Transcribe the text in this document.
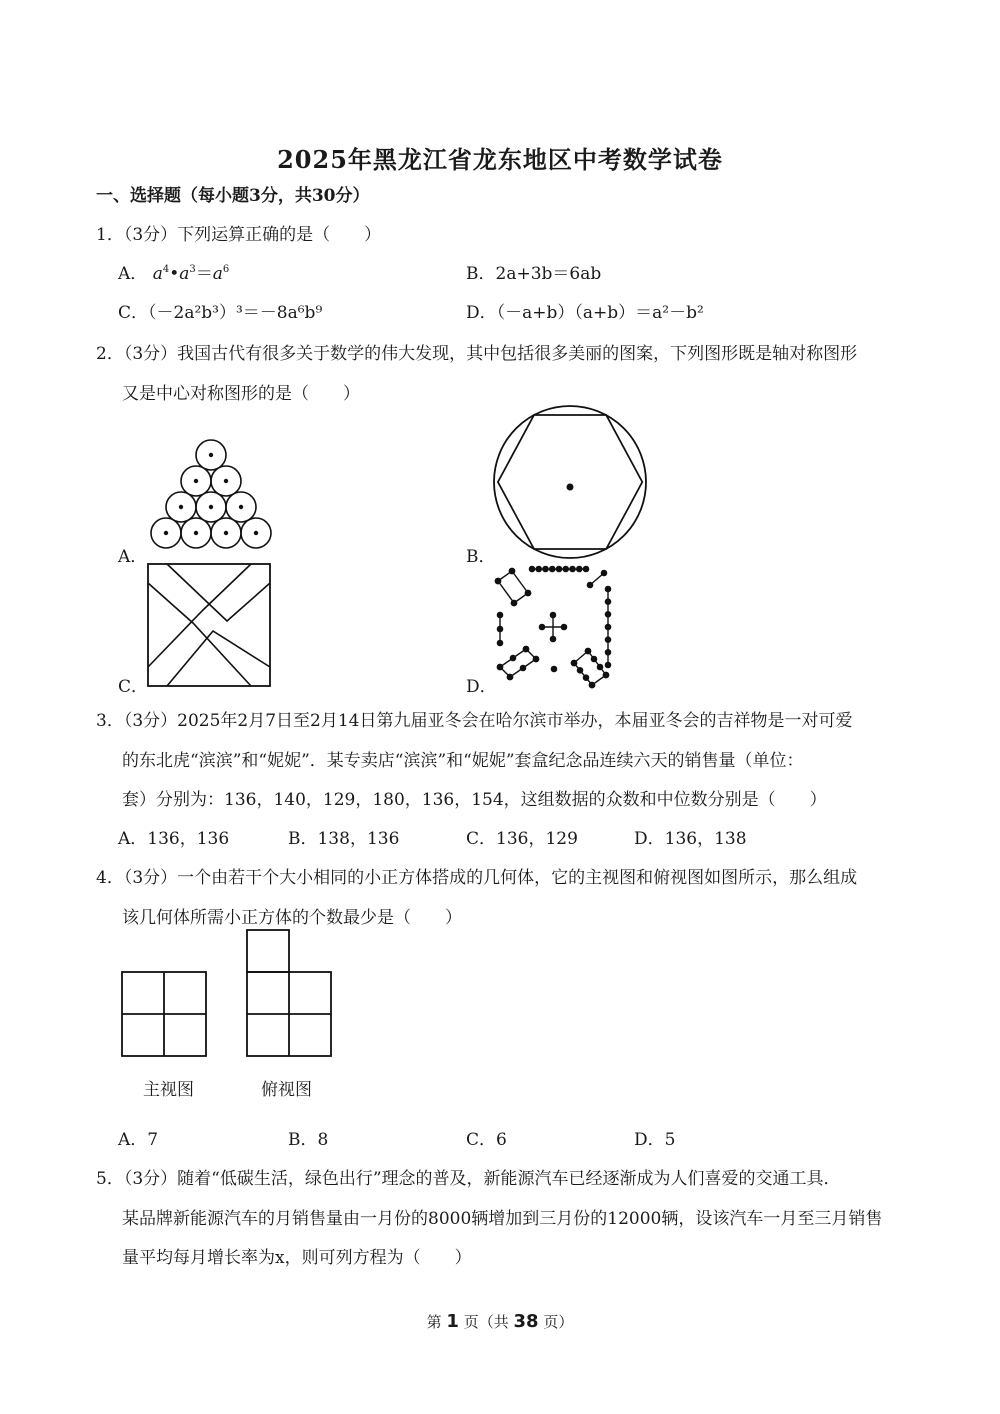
2025年黑龙江省龙东地区中考数学试卷
一、选择题（每小题3分，共30分）
1．（3分）下列运算正确的是（　　）
A． $a^4•a^3=a^6$	B．2a+3b＝6ab
C．（－2a²b³）³＝－8a⁶b⁹	D．（－a+b）（a+b）＝a²－b²
2．（3分）我国古代有很多关于数学的伟大发现，其中包括很多美丽的图案，下列图形既是轴对称图形
又是中心对称图形的是（　　）
A．	B．
C．	D．
3．（3分）2025年2月7日至2月14日第九届亚冬会在哈尔滨市举办，本届亚冬会的吉祥物是一对可爱
的东北虎“滨滨”和“妮妮”．某专卖店“滨滨”和“妮妮”套盒纪念品连续六天的销售量（单位：
套）分别为：136，140，129，180，136，154，这组数据的众数和中位数分别是（　　）
A．136，136	B．138，136	C．136，129	D．136，138
4．（3分）一个由若干个大小相同的小正方体搭成的几何体，它的主视图和俯视图如图所示，那么组成
该几何体所需小正方体的个数最少是（　　）
主视图	俯视图
A．7	B．8	C．6	D．5
5．（3分）随着“低碳生活，绿色出行”理念的普及，新能源汽车已经逐渐成为人们喜爱的交通工具．
某品牌新能源汽车的月销售量由一月份的8000辆增加到三月份的12000辆，设该汽车一月至三月销售
量平均每月增长率为x，则可列方程为（　　）
第 1 页（共 38 页）
